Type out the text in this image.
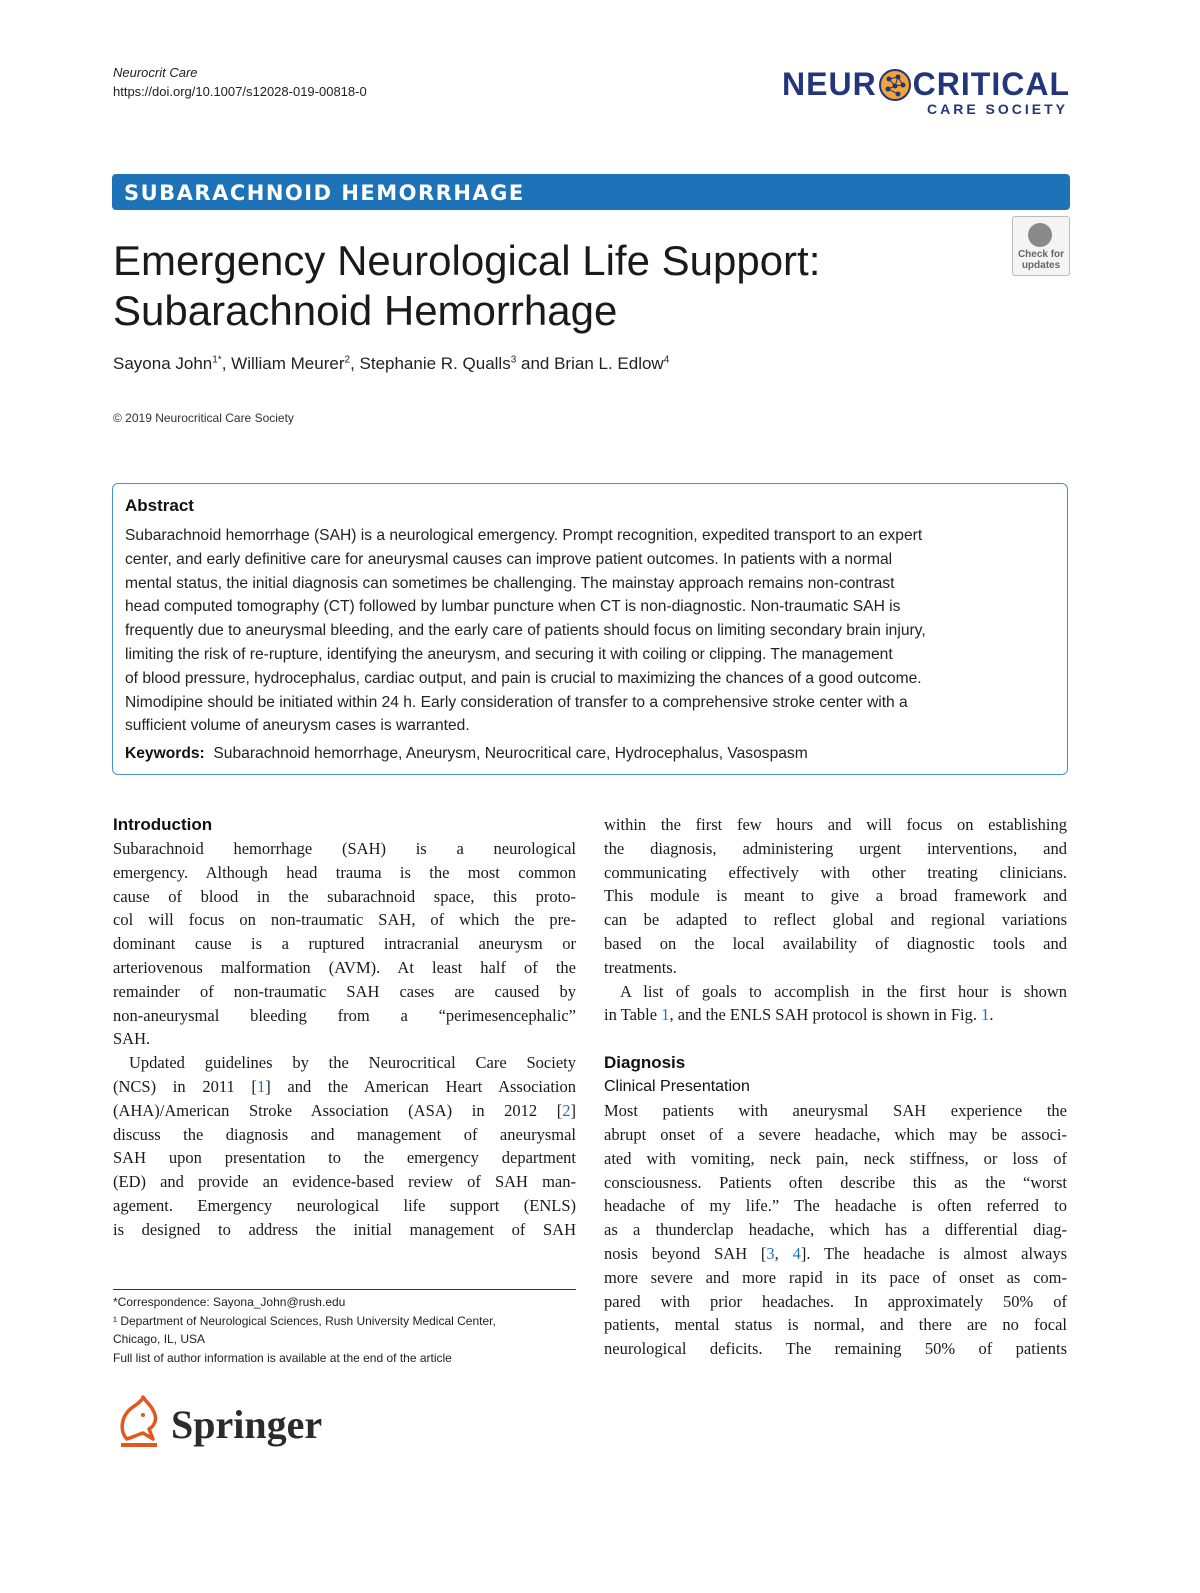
Neurocrit Care
https://doi.org/10.1007/s12028-019-00818-0	NEUR CRITICAL
CARE SOCIETY
SUBARACHNOID HEMORRHAGE
Emergency Neurological Life Support:
Subarachnoid Hemorrhage
Check for
updates
Sayona John$^{1*}$, William Meurer$^2$, Stephanie R. Qualls$^3$ and Brian L. Edlow$^4$
© 2019 Neurocritical Care Society
Abstract
Subarachnoid hemorrhage (SAH) is a neurological emergency. Prompt recognition, expedited transport to an expert
center, and early definitive care for aneurysmal causes can improve patient outcomes. In patients with a normal
mental status, the initial diagnosis can sometimes be challenging. The mainstay approach remains non-contrast
head computed tomography (CT) followed by lumbar puncture when CT is non-diagnostic. Non-traumatic SAH is
frequently due to aneurysmal bleeding, and the early care of patients should focus on limiting secondary brain injury,
limiting the risk of re-rupture, identifying the aneurysm, and securing it with coiling or clipping. The management
of blood pressure, hydrocephalus, cardiac output, and pain is crucial to maximizing the chances of a good outcome.
Nimodipine should be initiated within 24 h. Early consideration of transfer to a comprehensive stroke center with a
sufficient volume of aneurysm cases is warranted.
Keywords: Subarachnoid hemorrhage, Aneurysm, Neurocritical care, Hydrocephalus, Vasospasm
Introduction
Subarachnoid hemorrhage (SAH) is a neurological
emergency. Although head trauma is the most common
cause of blood in the subarachnoid space, this proto-
col will focus on non-traumatic SAH, of which the pre-
dominant cause is a ruptured intracranial aneurysm or
arteriovenous malformation (AVM). At least half of the
remainder of non-traumatic SAH cases are caused by
non-aneurysmal bleeding from a “perimesencephalic”
SAH.
Updated guidelines by the Neurocritical Care Society
(NCS) in 2011 [1] and the American Heart Association
(AHA)/American Stroke Association (ASA) in 2012 [2]
discuss the diagnosis and management of aneurysmal
SAH upon presentation to the emergency department
(ED) and provide an evidence-based review of SAH man-
agement. Emergency neurological life support (ENLS)
is designed to address the initial management of SAH
*Correspondence: Sayona_John@rush.edu
¹ Department of Neurological Sciences, Rush University Medical Center,
Chicago, IL, USA
Full list of author information is available at the end of the article
within the first few hours and will focus on establishing
the diagnosis, administering urgent interventions, and
communicating effectively with other treating clinicians.
This module is meant to give a broad framework and
can be adapted to reflect global and regional variations
based on the local availability of diagnostic tools and
treatments.
A list of goals to accomplish in the first hour is shown
in Table 1, and the ENLS SAH protocol is shown in Fig. 1.
Diagnosis
Clinical Presentation
Most patients with aneurysmal SAH experience the
abrupt onset of a severe headache, which may be associ-
ated with vomiting, neck pain, neck stiffness, or loss of
consciousness. Patients often describe this as the “worst
headache of my life.” The headache is often referred to
as a thunderclap headache, which has a differential diag-
nosis beyond SAH [3, 4]. The headache is almost always
more severe and more rapid in its pace of onset as com-
pared with prior headaches. In approximately 50% of
patients, mental status is normal, and there are no focal
neurological deficits. The remaining 50% of patients
Springer
